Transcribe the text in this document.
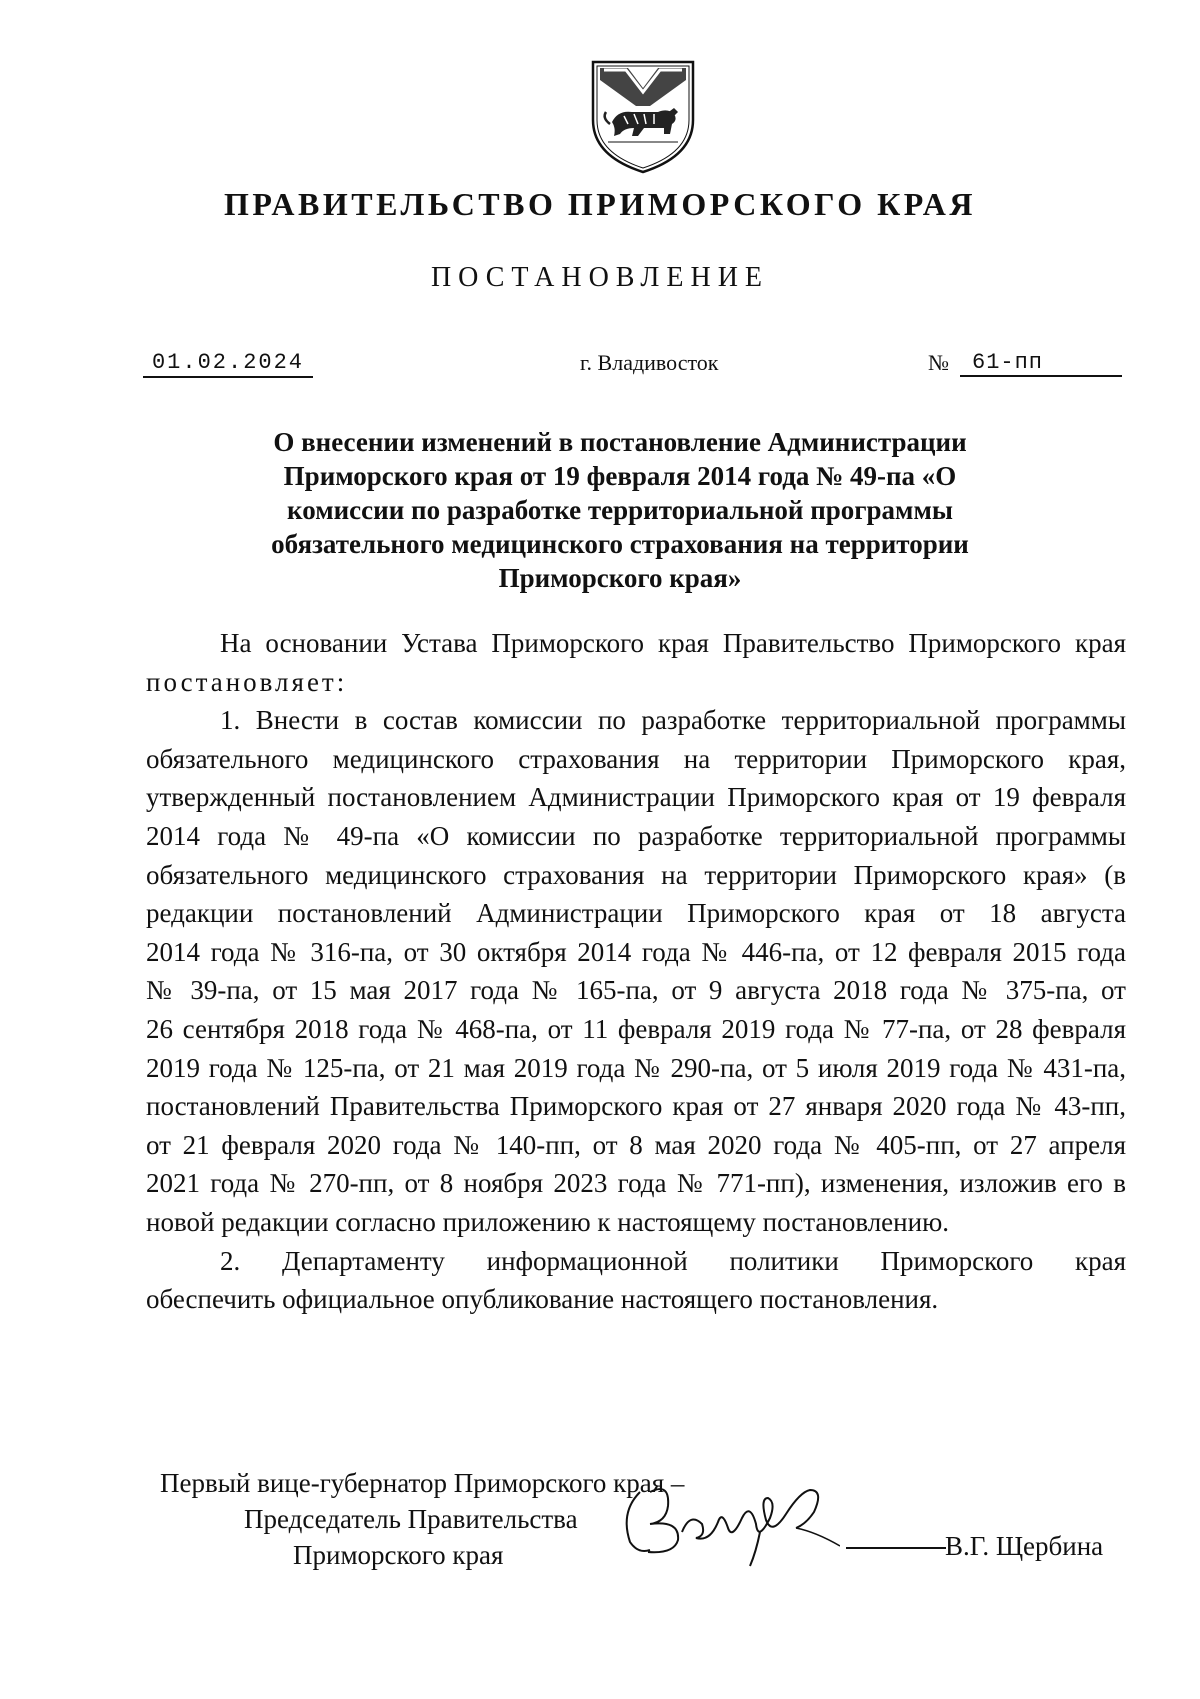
ПРАВИТЕЛЬСТВО ПРИМОРСКОГО КРАЯ
ПОСТАНОВЛЕНИЕ
01.02.2024	г. Владивосток	№	61-пп
О внесении изменений в постановление Администрации
Приморского края от 19 февраля 2014 года № 49-па «О
комиссии по разработке территориальной программы
обязательного медицинского страхования на территории
Приморского края»

На основании Устава Приморского края Правительство Приморского края
постановляет:

1. Внести в состав комиссии по разработке территориальной программы
обязательного медицинского страхования на территории Приморского края,
утвержденный постановлением Администрации Приморского края от 19 февраля
2014 года № 49-па «О комиссии по разработке территориальной программы
обязательного медицинского страхования на территории Приморского края» (в
редакции постановлений Администрации Приморского края от 18 августа
2014 года № 316-па, от 30 октября 2014 года № 446-па, от 12 февраля 2015 года
№ 39-па, от 15 мая 2017 года № 165-па, от 9 августа 2018 года № 375-па, от
26 сентября 2018 года № 468-па, от 11 февраля 2019 года № 77-па, от 28 февраля
2019 года № 125-па, от 21 мая 2019 года № 290-па, от 5 июля 2019 года № 431-па,
постановлений Правительства Приморского края от 27 января 2020 года № 43-пп,
от 21 февраля 2020 года № 140-пп, от 8 мая 2020 года № 405-пп, от 27 апреля
2021 года № 270-пп, от 8 ноября 2023 года № 771-пп), изменения, изложив его в
новой редакции согласно приложению к настоящему постановлению.

2. Департаменту информационной политики Приморского края
обеспечить официальное опубликование настоящего постановления.

Первый вице-губернатор Приморского края –
Председатель Правительства
Приморского края	В.Г. Щербина
